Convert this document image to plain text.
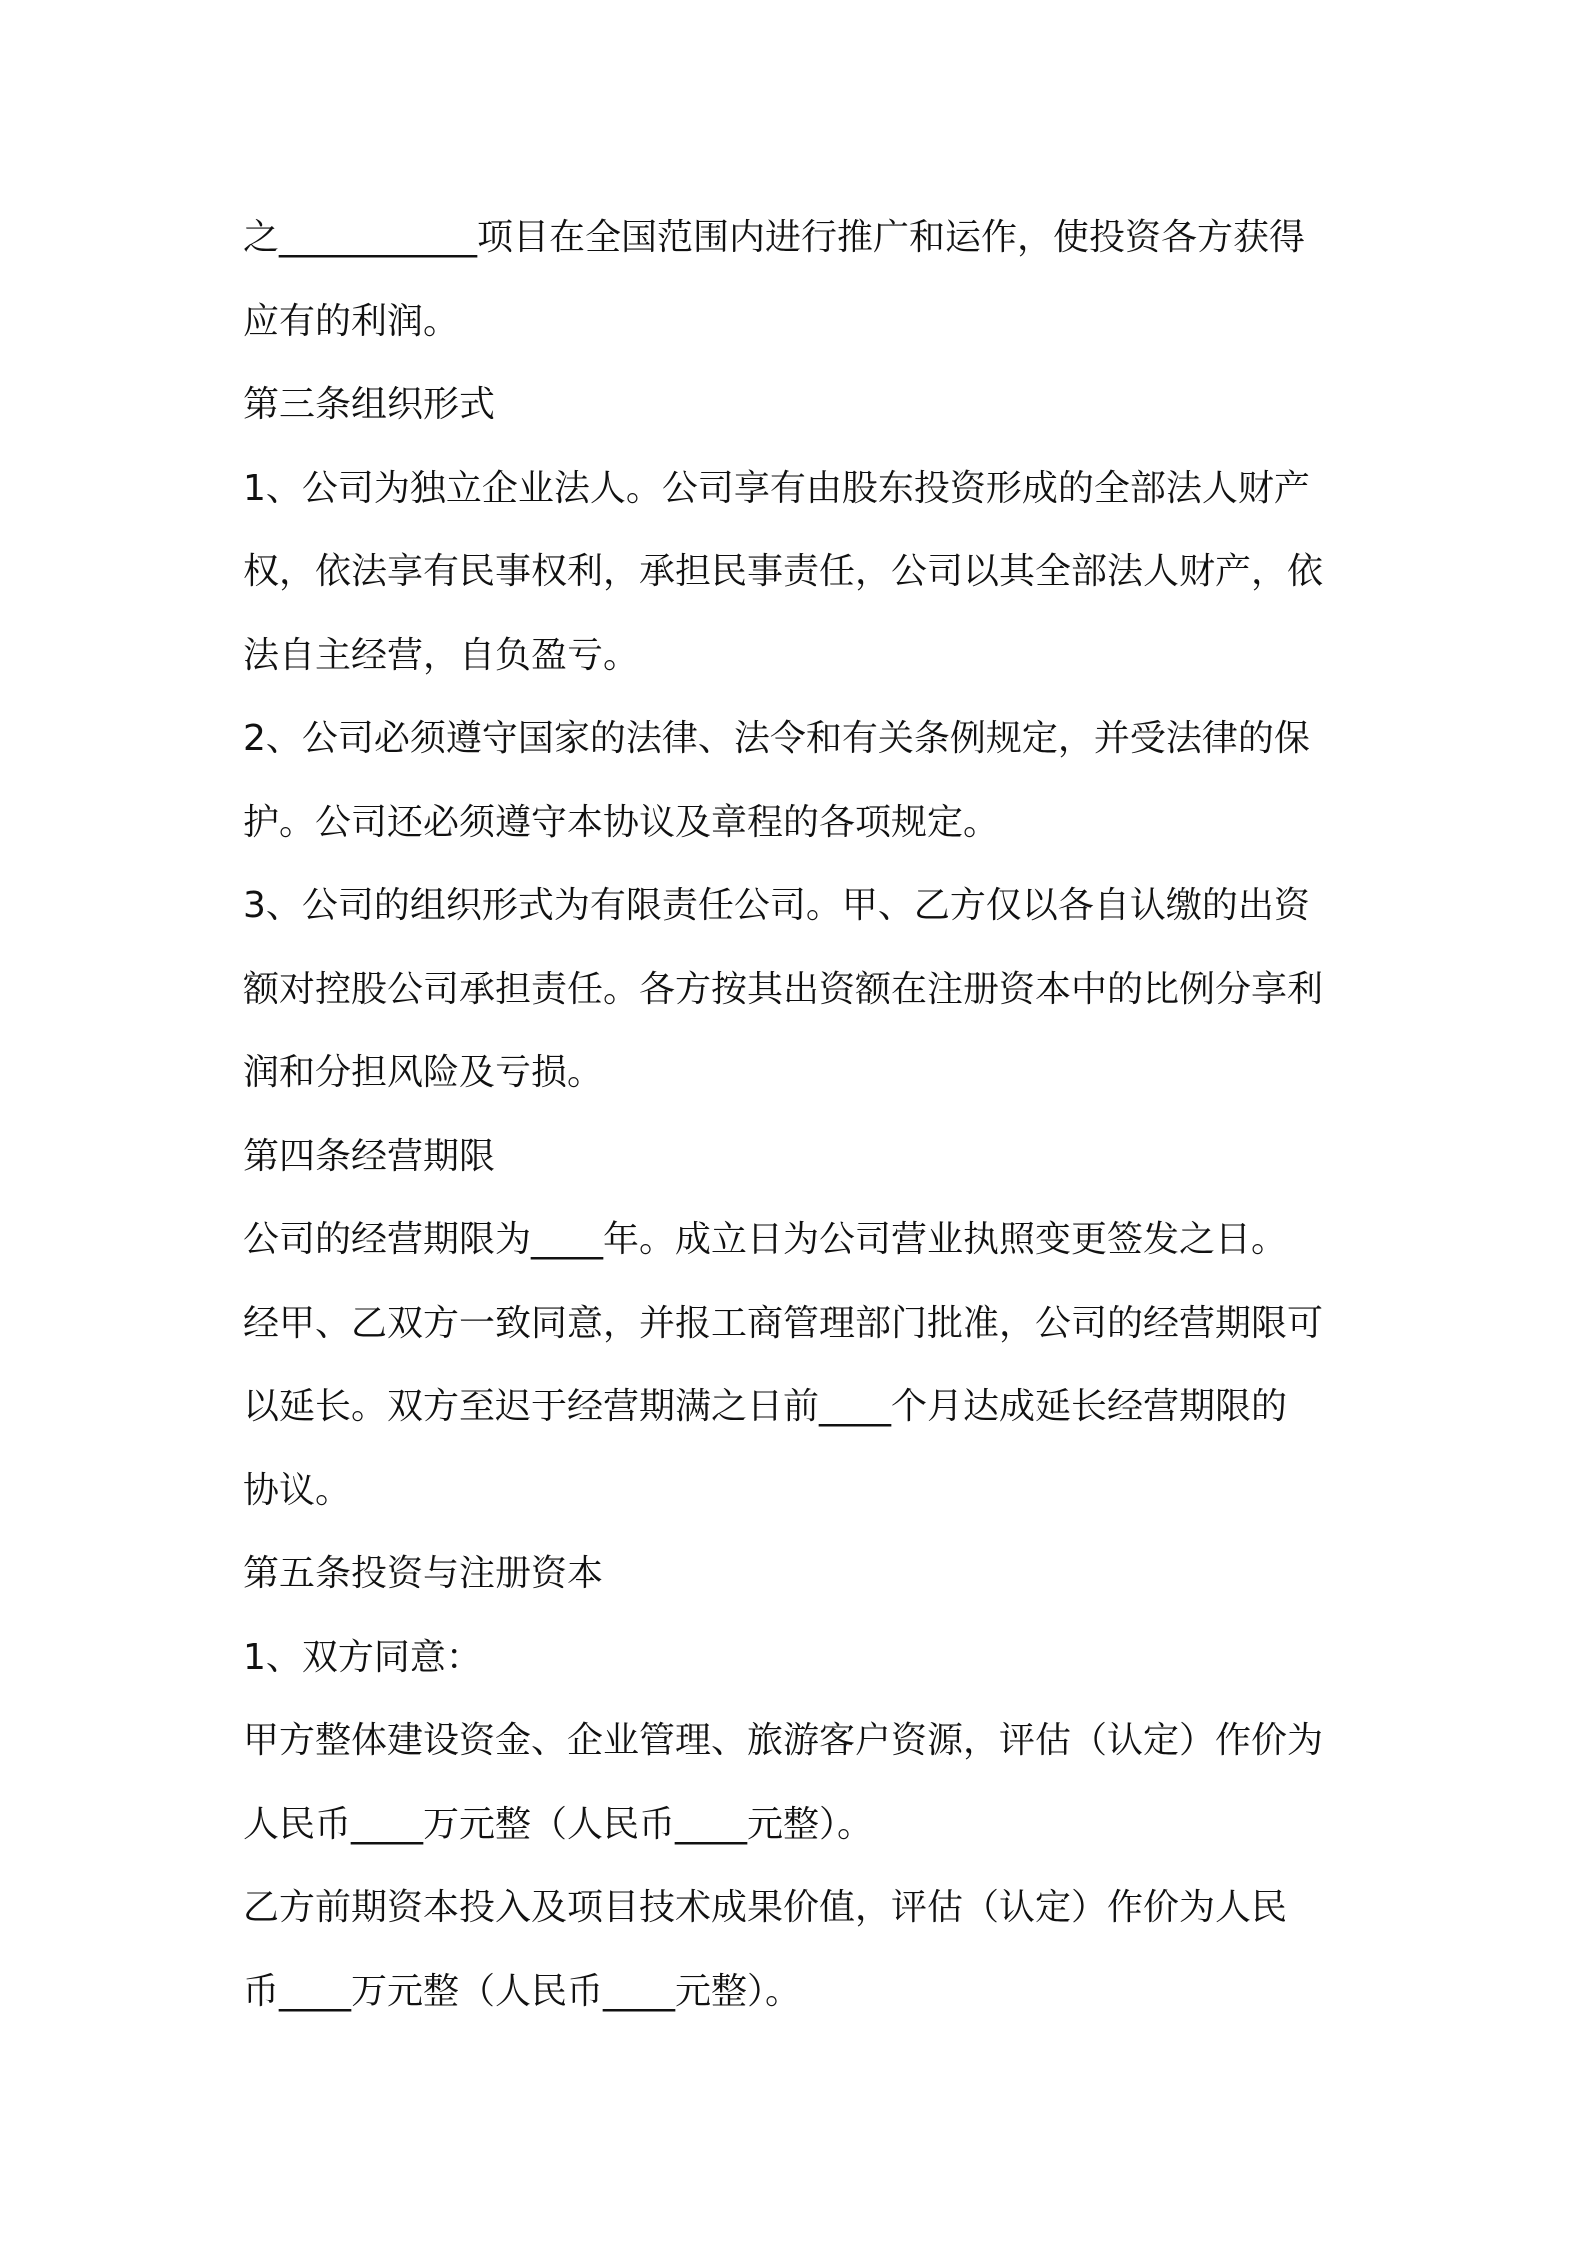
之___________项目在全国范围内进行推广和运作，使投资各方获得
应有的利润。
第三条组织形式
1、公司为独立企业法人。公司享有由股东投资形成的全部法人财产
权，依法享有民事权利，承担民事责任，公司以其全部法人财产，依
法自主经营，自负盈亏。
2、公司必须遵守国家的法律、法令和有关条例规定，并受法律的保
护。公司还必须遵守本协议及章程的各项规定。
3、公司的组织形式为有限责任公司。甲、乙方仅以各自认缴的出资
额对控股公司承担责任。各方按其出资额在注册资本中的比例分享利
润和分担风险及亏损。
第四条经营期限
公司的经营期限为____年。成立日为公司营业执照变更签发之日。
经甲、乙双方一致同意，并报工商管理部门批准，公司的经营期限可
以延长。双方至迟于经营期满之日前____个月达成延长经营期限的
协议。
第五条投资与注册资本
1、双方同意：
甲方整体建设资金、企业管理、旅游客户资源，评估（认定）作价为
人民币____万元整（人民币____元整）。
乙方前期资本投入及项目技术成果价值，评估（认定）作价为人民
币____万元整（人民币____元整）。
